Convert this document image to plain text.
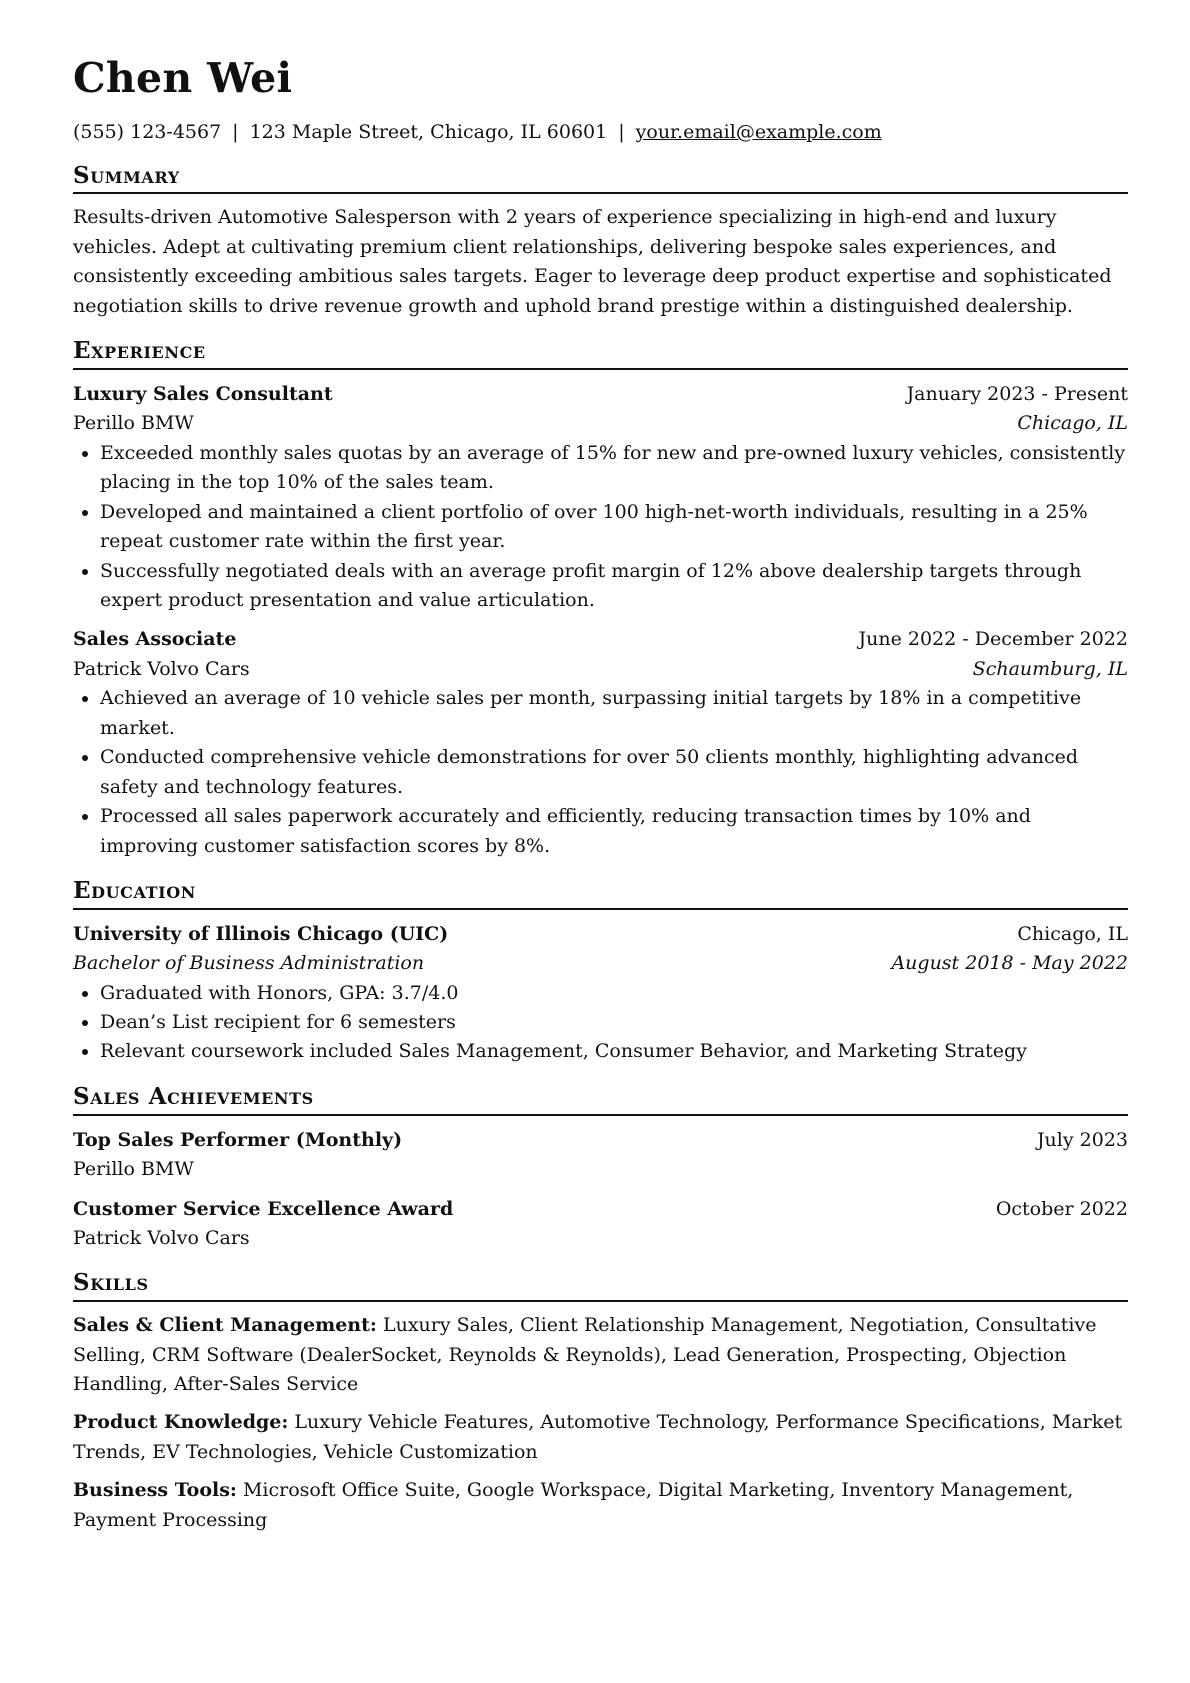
Chen Wei
(555) 123-4567 | 123 Maple Street, Chicago, IL 60601 | your.email@example.com
Summary
Results-driven Automotive Salesperson with 2 years of experience specializing in high-end and luxury vehicles. Adept at cultivating premium client relationships, delivering bespoke sales experiences, and consistently exceeding ambitious sales targets. Eager to leverage deep product expertise and sophisticated negotiation skills to drive revenue growth and uphold brand prestige within a distinguished dealership.
Experience
Luxury Sales Consultant	January 2023 - Present
Perillo BMW	Chicago, IL
• Exceeded monthly sales quotas by an average of 15% for new and pre-owned luxury vehicles, consistently placing in the top 10% of the sales team.
• Developed and maintained a client portfolio of over 100 high-net-worth individuals, resulting in a 25% repeat customer rate within the first year.
• Successfully negotiated deals with an average profit margin of 12% above dealership targets through expert product presentation and value articulation.
Sales Associate	June 2022 - December 2022
Patrick Volvo Cars	Schaumburg, IL
• Achieved an average of 10 vehicle sales per month, surpassing initial targets by 18% in a competitive market.
• Conducted comprehensive vehicle demonstrations for over 50 clients monthly, highlighting advanced safety and technology features.
• Processed all sales paperwork accurately and efficiently, reducing transaction times by 10% and improving customer satisfaction scores by 8%.
Education
University of Illinois Chicago (UIC)	Chicago, IL
Bachelor of Business Administration	August 2018 - May 2022
• Graduated with Honors, GPA: 3.7/4.0
• Dean’s List recipient for 6 semesters
• Relevant coursework included Sales Management, Consumer Behavior, and Marketing Strategy
Sales Achievements
Top Sales Performer (Monthly)	July 2023
Perillo BMW
Customer Service Excellence Award	October 2022
Patrick Volvo Cars
Skills
Sales & Client Management: Luxury Sales, Client Relationship Management, Negotiation, Consultative Selling, CRM Software (DealerSocket, Reynolds & Reynolds), Lead Generation, Prospecting, Objection Handling, After-Sales Service
Product Knowledge: Luxury Vehicle Features, Automotive Technology, Performance Specifications, Market Trends, EV Technologies, Vehicle Customization
Business Tools: Microsoft Office Suite, Google Workspace, Digital Marketing, Inventory Management, Payment Processing
